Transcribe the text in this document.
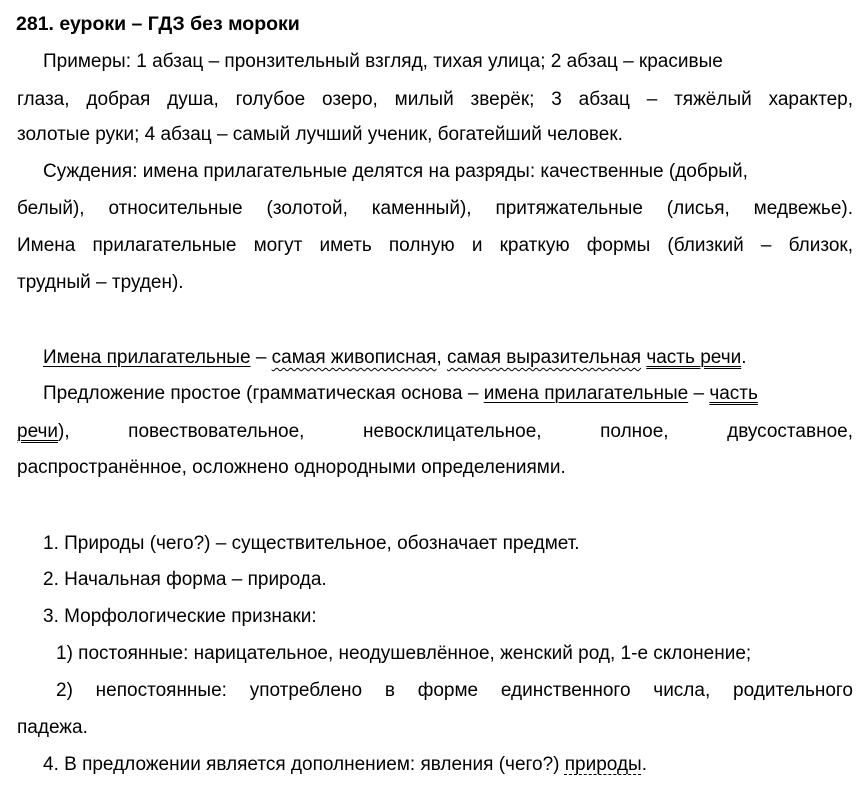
281. еуроки – ГДЗ без мороки
Примеры: 1 абзац – пронзительный взгляд, тихая улица; 2 абзац – красивые
глаза, добрая душа, голубое озеро, милый зверёк; 3 абзац – тяжёлый характер,
золотые руки; 4 абзац – самый лучший ученик, богатейший человек.
Суждения: имена прилагательные делятся на разряды: качественные (добрый,
белый), относительные (золотой, каменный), притяжательные (лисья, медвежье).
Имена прилагательные могут иметь полную и краткую формы (близкий – близок,
трудный – труден).
Имена прилагательные – самая живописная, самая выразительная часть речи.
Предложение простое (грамматическая основа – имена прилагательные – часть
речи ), повествовательное, невосклицательное, полное, двусоставное,
распространённое, осложнено однородными определениями.
1. Природы (чего?) – существительное, обозначает предмет.
2. Начальная форма – природа.
3. Морфологические признаки:
1) постоянные: нарицательное, неодушевлённое, женский род, 1-е склонение;
2) непостоянные: употреблено в форме единственного числа, родительного
падежа.
4. В предложении является дополнением: явления (чего?) природы.
